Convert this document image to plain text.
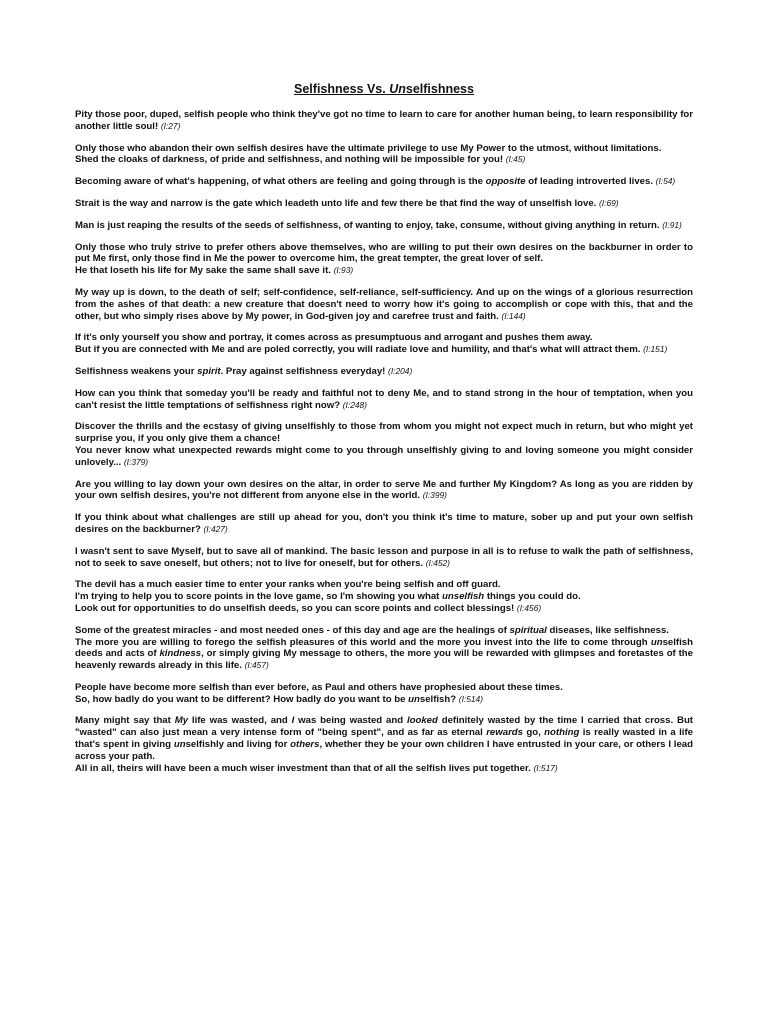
Selfishness Vs. Unselfishness

Pity those poor, duped, selfish people who think they've got no time to learn to care for another human being, to learn responsibility for another little soul! (I:27)

Only those who abandon their own selfish desires have the ultimate privilege to use My Power to the utmost, without limitations.
Shed the cloaks of darkness, of pride and selfishness, and nothing will be impossible for you! (I:45)

Becoming aware of what's happening, of what others are feeling and going through is the opposite of leading introverted lives. (I:54)

Strait is the way and narrow is the gate which leadeth unto life and few there be that find the way of unselfish love. (I:69)

Man is just reaping the results of the seeds of selfishness, of wanting to enjoy, take, consume, without giving anything in return. (I:91)

Only those who truly strive to prefer others above themselves, who are willing to put their own desires on the backburner in order to put Me first, only those find in Me the power to overcome him, the great tempter, the great lover of self.
He that loseth his life for My sake the same shall save it. (I:93)

My way up is down, to the death of self; self-confidence, self-reliance, self-sufficiency. And up on the wings of a glorious resurrection from the ashes of that death: a new creature that doesn't need to worry how it's going to accomplish or cope with this, that and the other, but who simply rises above by My power, in God-given joy and carefree trust and faith. (I:144)

If it's only yourself you show and portray, it comes across as presumptuous and arrogant and pushes them away.
But if you are connected with Me and are poled correctly, you will radiate love and humility, and that's what will attract them. (I:151)

Selfishness weakens your spirit. Pray against selfishness everyday! (I:204)

How can you think that someday you'll be ready and faithful not to deny Me, and to stand strong in the hour of temptation, when you can't resist the little temptations of selfishness right now? (I:248)

Discover the thrills and the ecstasy of giving unselfishly to those from whom you might not expect much in return, but who might yet surprise you, if you only give them a chance!
You never know what unexpected rewards might come to you through unselfishly giving to and loving someone you might consider unlovely... (I:379)

Are you willing to lay down your own desires on the altar, in order to serve Me and further My Kingdom? As long as you are ridden by your own selfish desires, you're not different from anyone else in the world. (I:399)

If you think about what challenges are still up ahead for you, don't you think it's time to mature, sober up and put your own selfish desires on the backburner? (I:427)

I wasn't sent to save Myself, but to save all of mankind. The basic lesson and purpose in all is to refuse to walk the path of selfishness, not to seek to save oneself, but others; not to live for oneself, but for others. (I:452)

The devil has a much easier time to enter your ranks when you're being selfish and off guard.
I'm trying to help you to score points in the love game, so I'm showing you what unselfish things you could do.
Look out for opportunities to do unselfish deeds, so you can score points and collect blessings! (I:456)

Some of the greatest miracles - and most needed ones - of this day and age are the healings of spiritual diseases, like selfishness.
The more you are willing to forego the selfish pleasures of this world and the more you invest into the life to come through unselfish deeds and acts of kindness, or simply giving My message to others, the more you will be rewarded with glimpses and foretastes of the heavenly rewards already in this life. (I:457)

People have become more selfish than ever before, as Paul and others have prophesied about these times.
So, how badly do you want to be different? How badly do you want to be unselfish? (I:514)

Many might say that My life was wasted, and I was being wasted and looked definitely wasted by the time I carried that cross. But "wasted" can also just mean a very intense form of "being spent", and as far as eternal rewards go, nothing is really wasted in a life that's spent in giving unselfishly and living for others, whether they be your own children I have entrusted in your care, or others I lead across your path.
All in all, theirs will have been a much wiser investment than that of all the selfish lives put together. (I:517)
